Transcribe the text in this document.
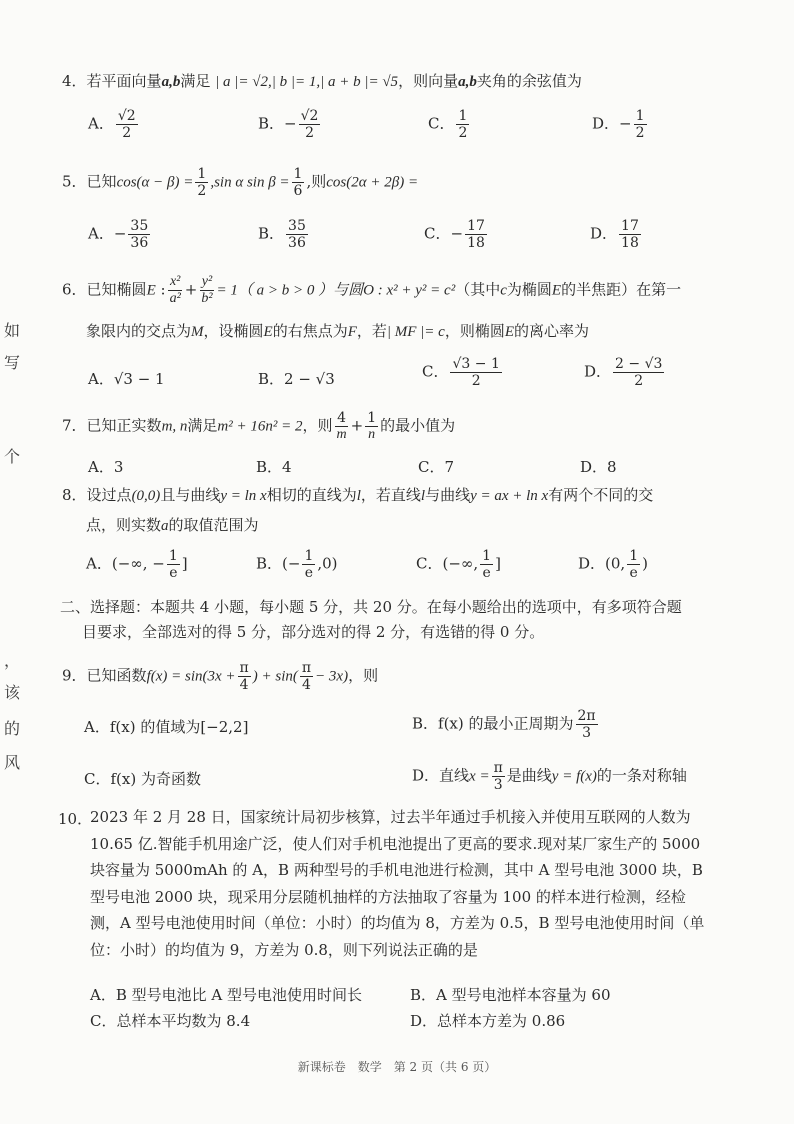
如
写
个
，
该
的
风
4．若平面向量a,b满足 | a |= √2,| b |= 1,| a + b |= √5，则向量a,b夹角的余弦值为
A． $\frac{√2}{2}$	B．− $\frac{√2}{2}$	C． $\frac{1}{2}$	D．− $\frac{1}{2}$
5．已知$\cos(\alpha - \beta) = \frac{1}{2} ,\sin$ α $\sin \beta = \frac{1}{6}$ ,则cos(2α + 2β) =
A．− $\frac{35}{36}$	B． $\frac{35}{36}$	C．− $\frac{17}{18}$	D． $\frac{17}{18}$
6．已知椭圆E : $\frac{\text{x²}}{\text{a²}} + \frac{\text{y²}}{\text{b²}} = 1$（ a > b > 0 ）与圆O : x² + y² = c²（其中c为椭圆E的半焦距）在第一
象限内的交点为M，设椭圆E的右焦点为F，若| MF |= c，则椭圆E的离心率为
A．√3 − 1	B．2 − √3	C． $\frac{√3 - 1}{2}$	D． $\frac{2 - √3}{2}$
7．已知正实数m, n满足m² + 16n² = 2，则 $\frac{4}{m} + \frac{1}{n}$ 的最小值为
A．3	B．4	C．7	D．8
8．设过点(0,0)且与曲线y = ln x相切的直线为l，若直线l与曲线y = ax + ln x有两个不同的交
点，则实数a的取值范围为
A．(−∞, − $\frac{1}{e}$ ]	B．(− $\frac{1}{e} ,0$)	C．(−∞, $\frac{1}{e}$ ]	D．(0, $\frac{1}{e}$ )
二、选择题：本题共 4 小题，每小题 5 分，共 20 分。在每小题给出的选项中，有多项符合题
目要求，全部选对的得 5 分，部分选对的得 2 分，有选错的得 0 分。
9．已知函数$f(x) = \sin(3x + \frac{\pi}{4}$ ) + $\sin( \frac{\pi}{4} - 3x)$，则
A．f(x) 的值域为[−2,2]	B．f(x) 的最小正周期为 $\frac{2\pi}{3}$
C．f(x) 为奇函数	D．直线$x = \frac{\pi}{3}$ 是曲线y = f(x)的一条对称轴
10．
2023 年 2 月 28 日，国家统计局初步核算，过去半年通过手机接入并使用互联网的人数为
10.65 亿.智能手机用途广泛，使人们对手机电池提出了更高的要求.现对某厂家生产的 5000
块容量为 5000mAh 的 A，B 两种型号的手机电池进行检测，其中 A 型号电池 3000 块，B
型号电池 2000 块，现采用分层随机抽样的方法抽取了容量为 100 的样本进行检测，经检
测，A 型号电池使用时间（单位：小时）的均值为 8，方差为 0.5，B 型号电池使用时间（单
位：小时）的均值为 9，方差为 0.8，则下列说法正确的是
A．B 型号电池比 A 型号电池使用时间长	B．A 型号电池样本容量为 60
C．总样本平均数为 8.4	D．总样本方差为 0.86
新课标卷　数学　第 2 页（共 6 页）
